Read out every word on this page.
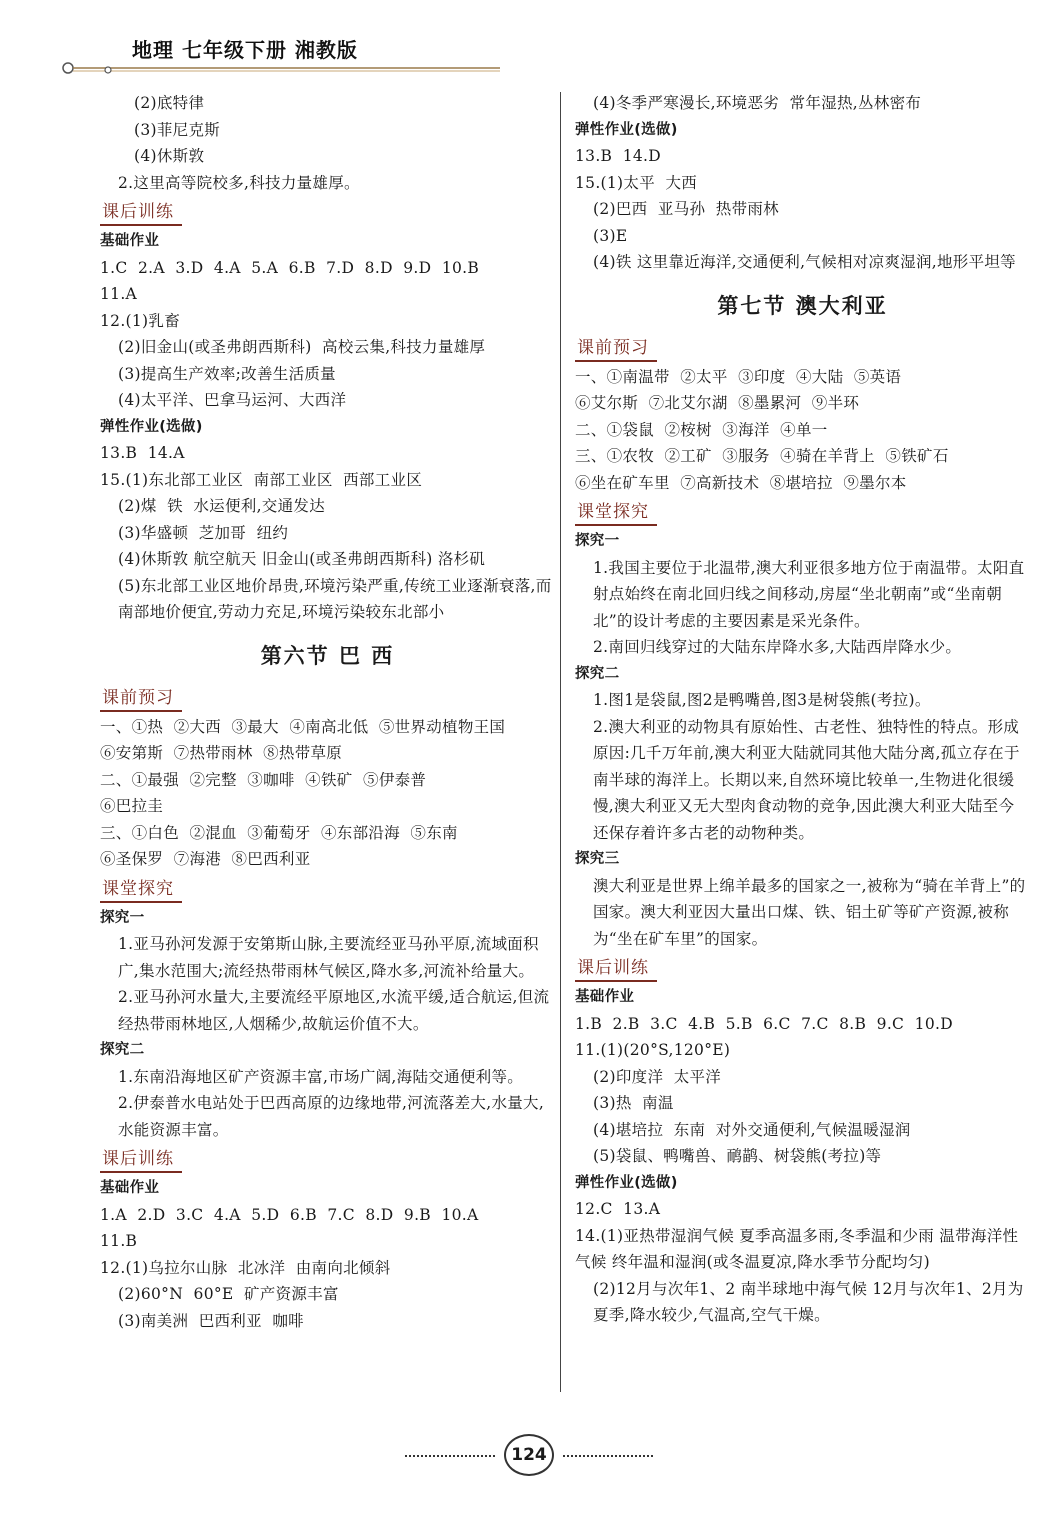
地理 七年级下册 湘教版
(2)底特律
(3)菲尼克斯
(4)休斯敦
2.这里高等院校多,科技力量雄厚。
课后训练
基础作业
1.C  2.A  3.D  4.A  5.A  6.B  7.D  8.D  9.D  10.B
11.A
12.(1)乳畜
(2)旧金山(或圣弗朗西斯科)  高校云集,科技力量雄厚
(3)提高生产效率;改善生活质量
(4)太平洋、巴拿马运河、大西洋
弹性作业(选做)
13.B  14.A
15.(1)东北部工业区  南部工业区  西部工业区
(2)煤  铁  水运便利,交通发达
(3)华盛顿  芝加哥  纽约
(4)休斯敦 航空航天 旧金山(或圣弗朗西斯科) 洛杉矶
(5)东北部工业区地价昂贵,环境污染严重,传统工业逐渐衰落,而南部地价便宜,劳动力充足,环境污染较东北部小
第六节 巴 西
课前预习
一、①热  ②大西  ③最大  ④南高北低  ⑤世界动植物王国
⑥安第斯  ⑦热带雨林  ⑧热带草原
二、①最强  ②完整  ③咖啡  ④铁矿  ⑤伊泰普
⑥巴拉圭
三、①白色  ②混血  ③葡萄牙  ④东部沿海  ⑤东南
⑥圣保罗  ⑦海港  ⑧巴西利亚
课堂探究
探究一
1.亚马孙河发源于安第斯山脉,主要流经亚马孙平原,流域面积广,集水范围大;流经热带雨林气候区,降水多,河流补给量大。
2.亚马孙河水量大,主要流经平原地区,水流平缓,适合航运,但流经热带雨林地区,人烟稀少,故航运价值不大。
探究二
1.东南沿海地区矿产资源丰富,市场广阔,海陆交通便利等。
2.伊泰普水电站处于巴西高原的边缘地带,河流落差大,水量大,水能资源丰富。
课后训练
基础作业
1.A  2.D  3.C  4.A  5.D  6.B  7.C  8.D  9.B  10.A
11.B
12.(1)乌拉尔山脉  北冰洋  由南向北倾斜
(2)60°N  60°E  矿产资源丰富
(3)南美洲  巴西利亚  咖啡
(4)冬季严寒漫长,环境恶劣  常年湿热,丛林密布
弹性作业(选做)
13.B  14.D
15.(1)太平  大西
(2)巴西  亚马孙  热带雨林
(3)E
(4)铁 这里靠近海洋,交通便利,气候相对凉爽湿润,地形平坦等
第七节 澳大利亚
课前预习
一、①南温带  ②太平  ③印度  ④大陆  ⑤英语
⑥艾尔斯  ⑦北艾尔湖  ⑧墨累河  ⑨半环
二、①袋鼠  ②桉树  ③海洋  ④单一
三、①农牧  ②工矿  ③服务  ④骑在羊背上  ⑤铁矿石
⑥坐在矿车里  ⑦高新技术  ⑧堪培拉  ⑨墨尔本
课堂探究
探究一
1.我国主要位于北温带,澳大利亚很多地方位于南温带。太阳直射点始终在南北回归线之间移动,房屋“坐北朝南”或“坐南朝北”的设计考虑的主要因素是采光条件。
2.南回归线穿过的大陆东岸降水多,大陆西岸降水少。
探究二
1.图1是袋鼠,图2是鸭嘴兽,图3是树袋熊(考拉)。
2.澳大利亚的动物具有原始性、古老性、独特性的特点。形成原因:几千万年前,澳大利亚大陆就同其他大陆分离,孤立存在于南半球的海洋上。长期以来,自然环境比较单一,生物进化很缓慢,澳大利亚又无大型肉食动物的竞争,因此澳大利亚大陆至今还保存着许多古老的动物种类。
探究三
澳大利亚是世界上绵羊最多的国家之一,被称为“骑在羊背上”的国家。澳大利亚因大量出口煤、铁、铝土矿等矿产资源,被称为“坐在矿车里”的国家。
课后训练
基础作业
1.B  2.B  3.C  4.B  5.B  6.C  7.C  8.B  9.C  10.D
11.(1)(20°S,120°E)
(2)印度洋  太平洋
(3)热  南温
(4)堪培拉  东南  对外交通便利,气候温暖湿润
(5)袋鼠、鸭嘴兽、鸸鹋、树袋熊(考拉)等
弹性作业(选做)
12.C  13.A
14.(1)亚热带湿润气候 夏季高温多雨,冬季温和少雨 温带海洋性气候 终年温和湿润(或冬温夏凉,降水季节分配均匀)
(2)12月与次年1、2 南半球地中海气候 12月与次年1、2月为夏季,降水较少,气温高,空气干燥。
124
